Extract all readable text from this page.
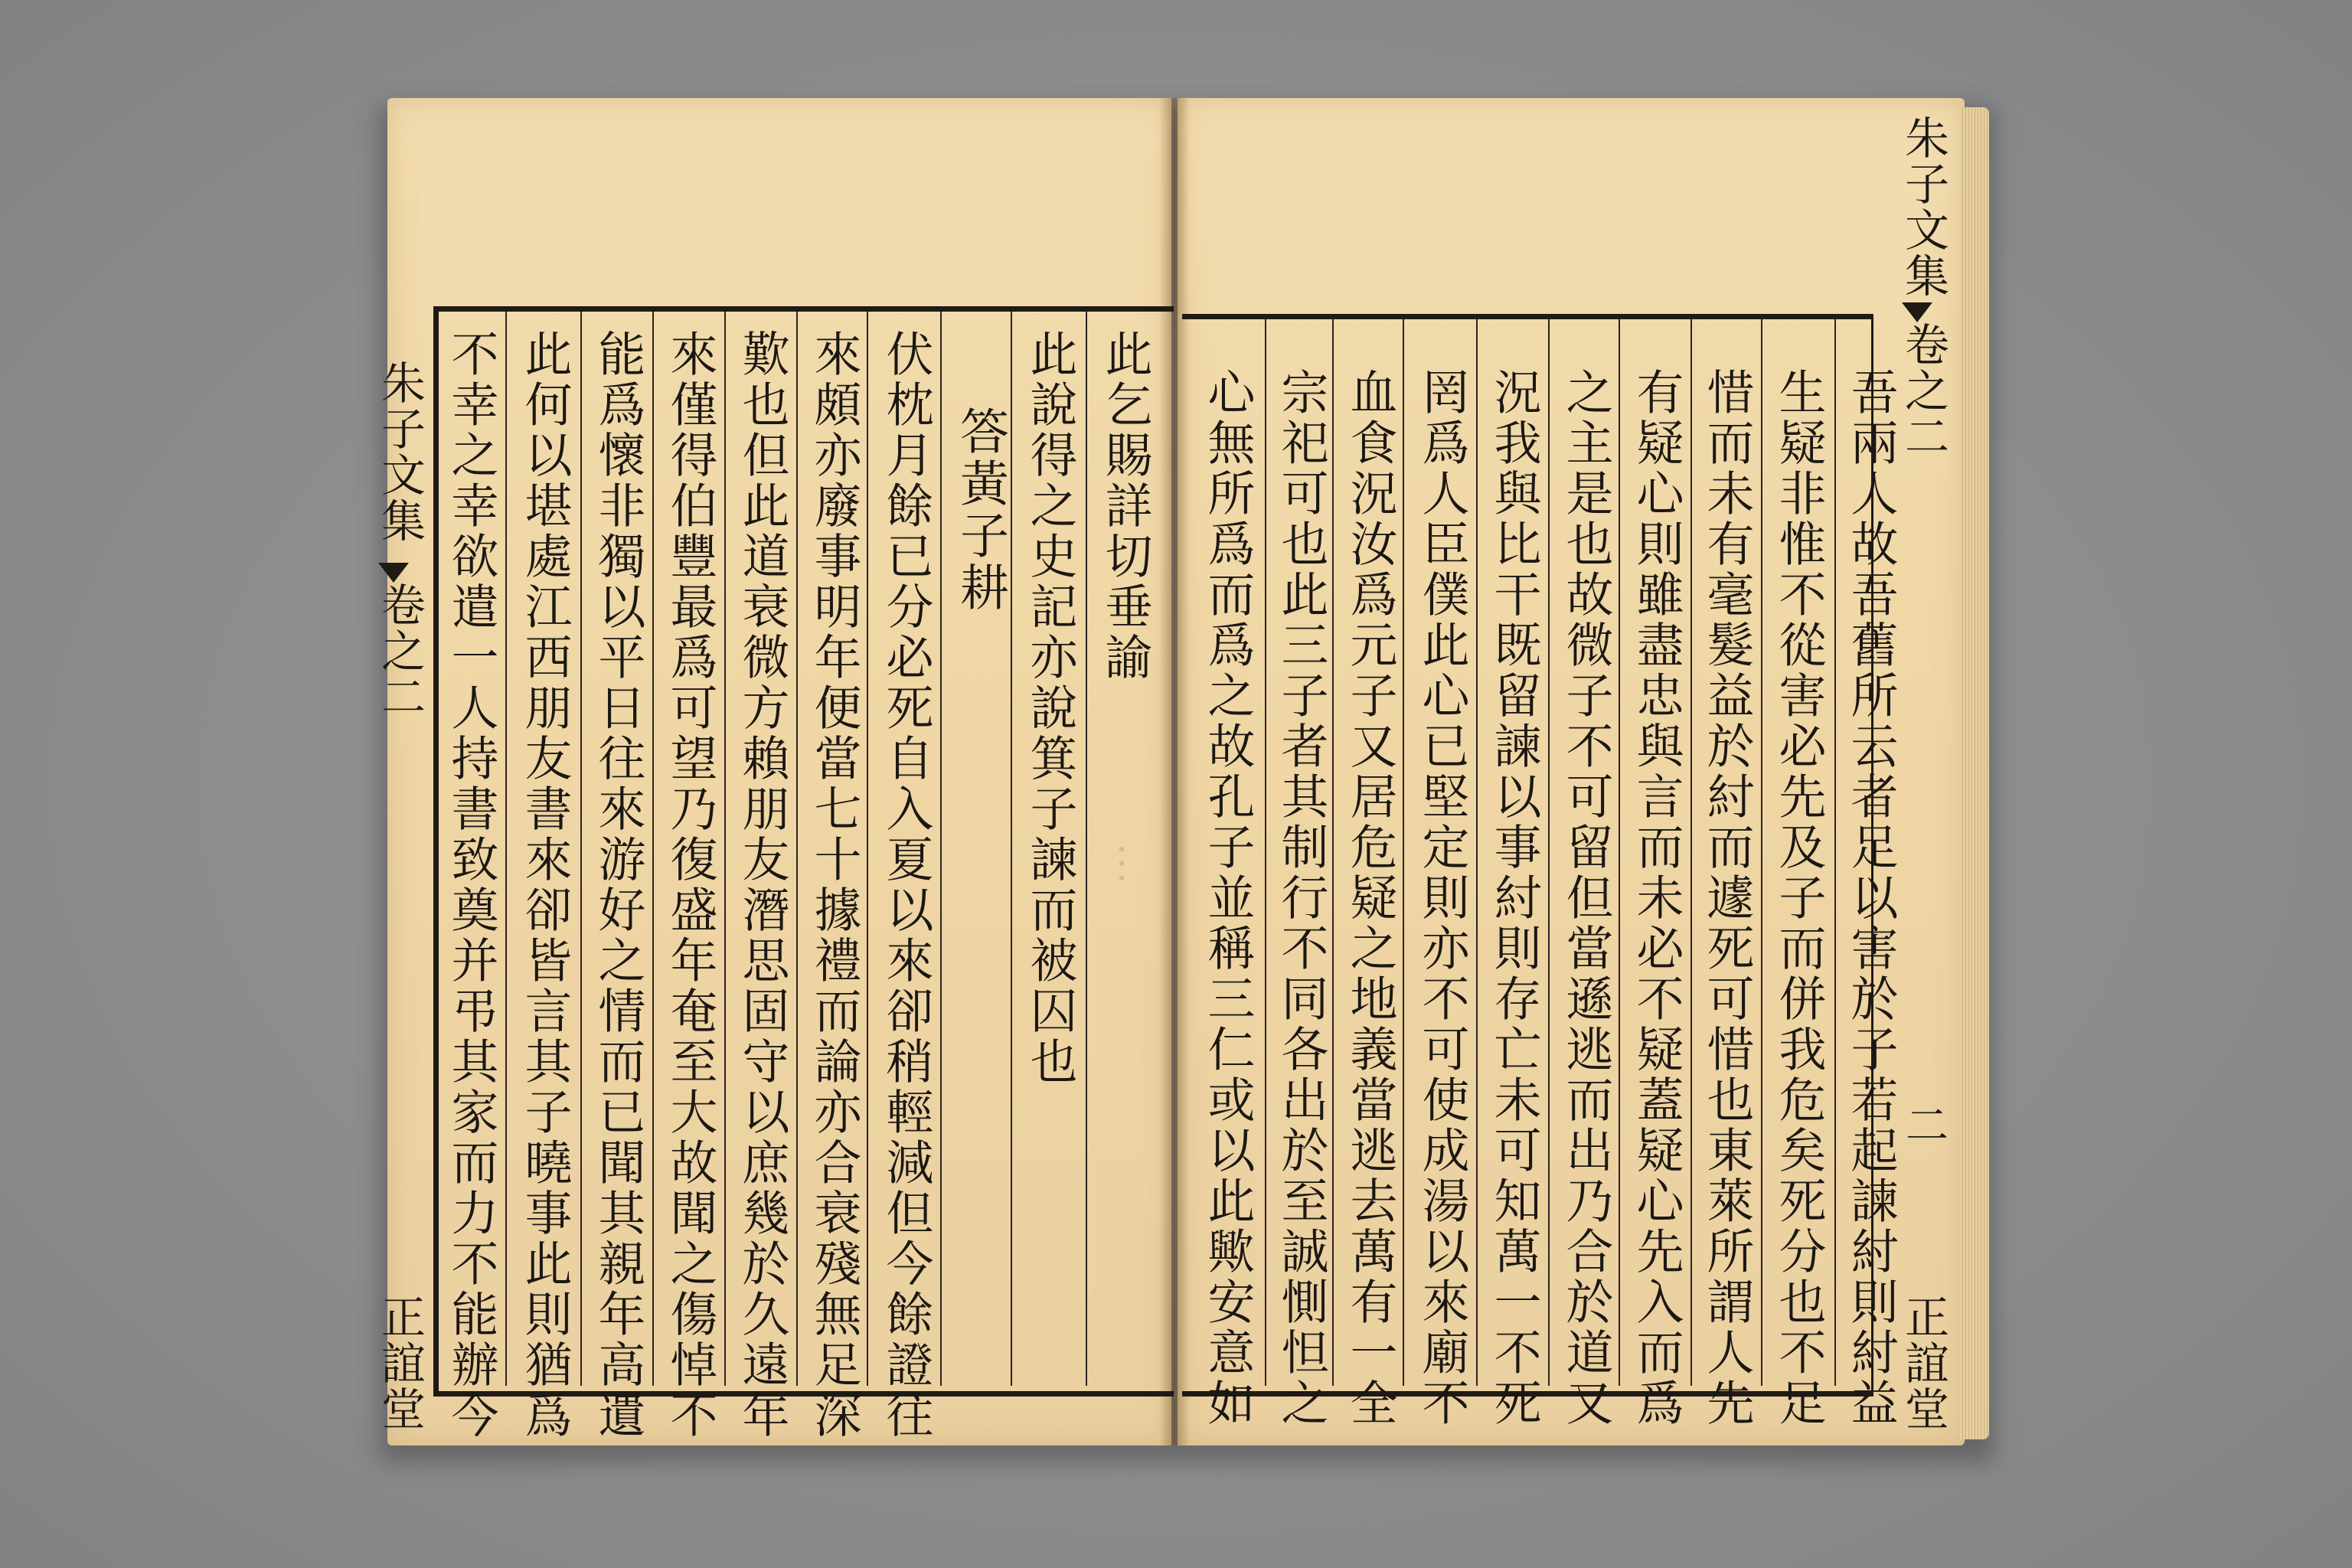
朱子文集
卷之二
正誼堂
此乞賜詳切垂諭
此說得之史記亦說箕子諫而被囚也 ︙
答黃子耕
伏枕月餘已分必死自入夏以來卻稍輕減但今餘證往
來頗亦廢事明年便當七十據禮而論亦合衰殘無足深
歎也但此道衰微方賴朋友潛思固守以庶幾於久遠年
來僅得伯豐最爲可望乃復盛年奄至大故聞之傷悼不
能爲懷非獨以平日往來游好之情而已聞其親年高遺
此何以堪處江西朋友書來卻皆言其子曉事此則猶爲
不幸之幸欲遣一人持書致奠并弔其家而力不能辦今	吾兩人故吾舊所云者足以害於子若起諫紂則紂益
生疑非惟不從害必先及子而併我危矣死分也不足
惜而未有毫髮益於紂而遽死可惜也東萊所謂人先
有疑心則雖盡忠與言而未必不疑蓋疑心先入而爲
之主是也故微子不可留但當遜逃而出乃合於道又
況我與比干既留諫以事紂則存亡未可知萬一不死
罔爲人臣僕此心已堅定則亦不可使成湯以來廟不
血食況汝爲元子又居危疑之地義當逃去萬有一全
宗祀可也此三子者其制行不同各出於至誠惻怛之
心無所爲而爲之故孔子並稱三仁或以此歟安意如
朱子文集
卷之二
二
正誼堂
